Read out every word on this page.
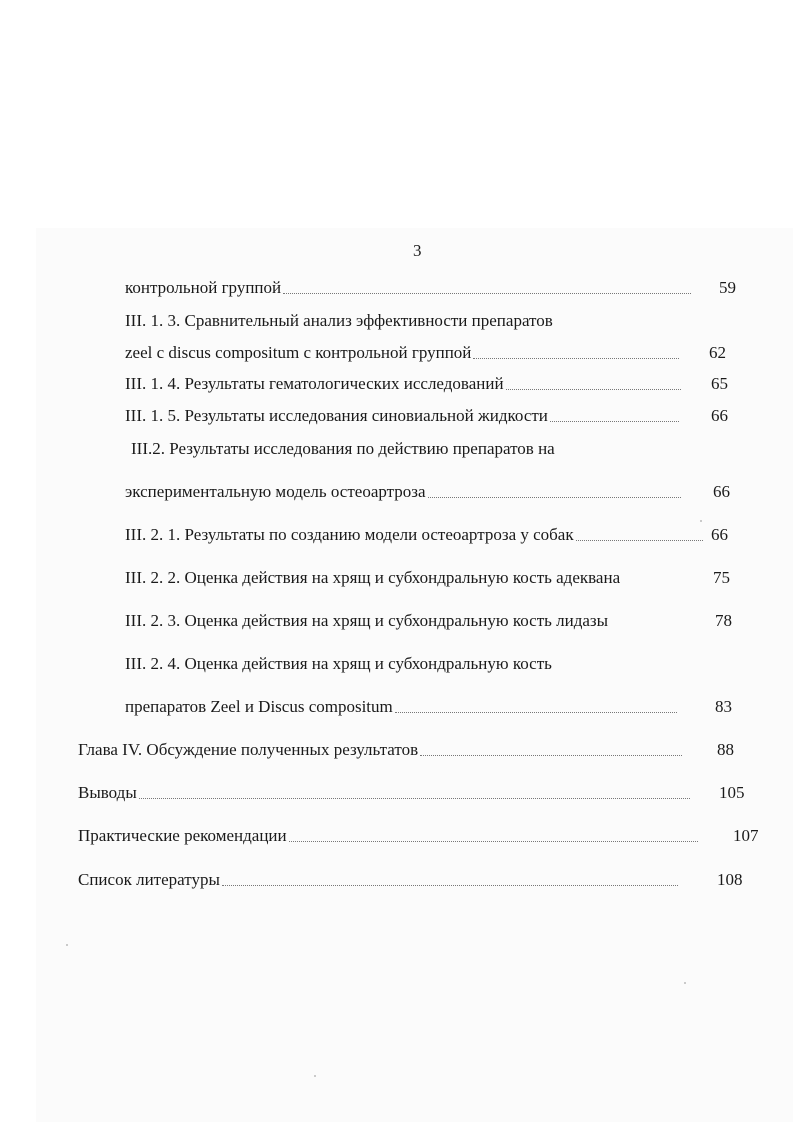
3
контрольной группой	59
III. 1. 3. Сравнительный анализ эффективности препаратов
zeel c discus compositum c контрольной группой	62
III. 1. 4. Результаты гематологических исследований	65
III. 1. 5. Результаты исследования синовиальной жидкости	66
III.2. Результаты исследования по действию препаратов на
экспериментальную модель остеоартроза	66
III. 2. 1. Результаты по созданию модели остеоартроза у собак	66
III. 2. 2. Оценка действия на хрящ и субхондральную кость адеквана	75
III. 2. 3. Оценка действия на хрящ и субхондральную кость лидазы	78
III. 2. 4. Оценка действия на хрящ и субхондральную кость
препаратов Zeel и Discus compositum	83
Глава IV. Обсуждение полученных результатов	88
Выводы	105
Практические рекомендации	107
Список литературы	108
